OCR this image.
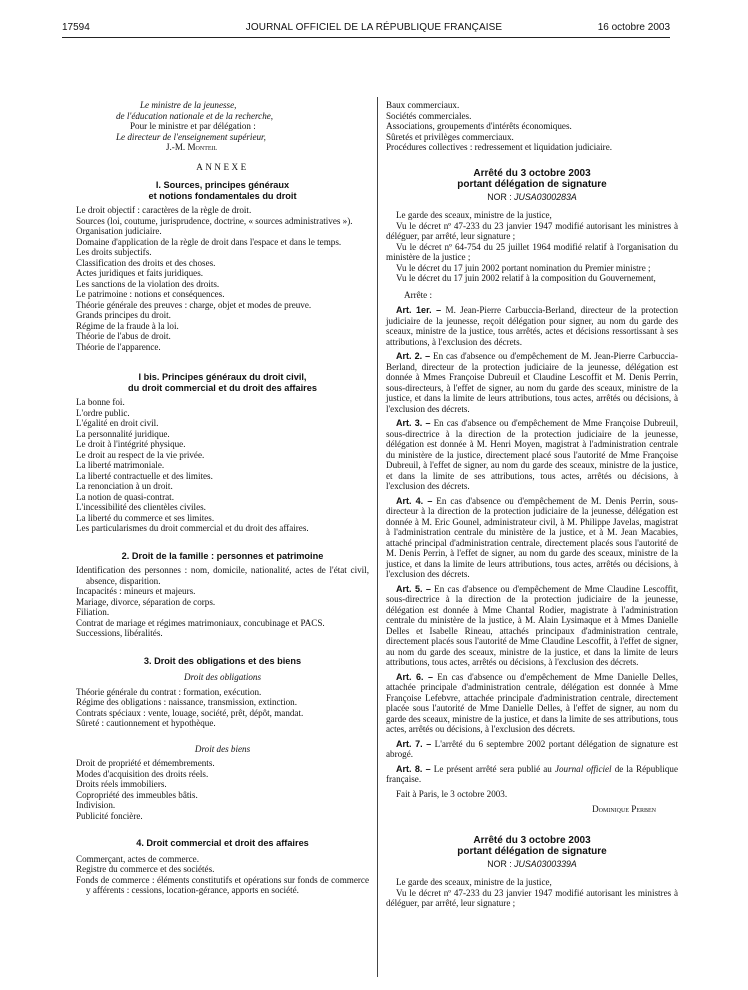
17594	JOURNAL OFFICIEL DE LA RÉPUBLIQUE FRANÇAISE	16 octobre 2003

Le ministre de la jeunesse,

de l'éducation nationale et de la recherche,

Pour le ministre et par délégation :

Le directeur de l'enseignement supérieur,

J.-M. Monteil

ANNEXE

I. Sources, principes généraux

et notions fondamentales du droit

Le droit objectif : caractères de la règle de droit.

Sources (loi, coutume, jurisprudence, doctrine, « sources administratives »).

Organisation judiciaire.

Domaine d'application de la règle de droit dans l'espace et dans le temps.

Les droits subjectifs.

Classification des droits et des choses.

Actes juridiques et faits juridiques.

Les sanctions de la violation des droits.

Le patrimoine : notions et conséquences.

Théorie générale des preuves : charge, objet et modes de preuve.

Grands principes du droit.

Régime de la fraude à la loi.

Théorie de l'abus de droit.

Théorie de l'apparence.

I bis. Principes généraux du droit civil,

du droit commercial et du droit des affaires

La bonne foi.

L'ordre public.

L'égalité en droit civil.

La personnalité juridique.

Le droit à l'intégrité physique.

Le droit au respect de la vie privée.

La liberté matrimoniale.

La liberté contractuelle et des limites.

La renonciation à un droit.

La notion de quasi-contrat.

L'incessibilité des clientèles civiles.

La liberté du commerce et ses limites.

Les particularismes du droit commercial et du droit des affaires.

2. Droit de la famille : personnes et patrimoine

Identification des personnes : nom, domicile, nationalité, actes de l'état civil, absence, disparition.

Incapacités : mineurs et majeurs.

Mariage, divorce, séparation de corps.

Filiation.

Contrat de mariage et régimes matrimoniaux, concubinage et PACS.

Successions, libéralités.

3. Droit des obligations et des biens

Droit des obligations

Théorie générale du contrat : formation, exécution.

Régime des obligations : naissance, transmission, extinction.

Contrats spéciaux : vente, louage, société, prêt, dépôt, mandat.

Sûreté : cautionnement et hypothèque.

Droit des biens

Droit de propriété et démembrements.

Modes d'acquisition des droits réels.

Droits réels immobiliers.

Copropriété des immeubles bâtis.

Indivision.

Publicité foncière.

4. Droit commercial et droit des affaires

Commerçant, actes de commerce.

Registre du commerce et des sociétés.

Fonds de commerce : éléments constitutifs et opérations sur fonds de commerce y afférents : cessions, location-gérance, apports en société.

Baux commerciaux.

Sociétés commerciales.

Associations, groupements d'intérêts économiques.

Sûretés et privilèges commerciaux.

Procédures collectives : redressement et liquidation judiciaire.

Arrêté du 3 octobre 2003

portant délégation de signature

NOR : JUSA0300283A

Le garde des sceaux, ministre de la justice,

Vu le décret nº 47-233 du 23 janvier 1947 modifié autorisant les ministres à déléguer, par arrêté, leur signature ;

Vu le décret nº 64-754 du 25 juillet 1964 modifié relatif à l'organisation du ministère de la justice ;

Vu le décret du 17 juin 2002 portant nomination du Premier ministre ;

Vu le décret du 17 juin 2002 relatif à la composition du Gouvernement,

Arrête :

Art. 1er. – M. Jean-Pierre Carbuccia-Berland, directeur de la protection judiciaire de la jeunesse, reçoit délégation pour signer, au nom du garde des sceaux, ministre de la justice, tous arrêtés, actes et décisions ressortissant à ses attributions, à l'exclusion des décrets.

Art. 2. – En cas d'absence ou d'empêchement de M. Jean-Pierre Carbuccia-Berland, directeur de la protection judiciaire de la jeunesse, délégation est donnée à Mmes Françoise Dubreuil et Claudine Lescoffit et M. Denis Perrin, sous-directeurs, à l'effet de signer, au nom du garde des sceaux, ministre de la justice, et dans la limite de leurs attributions, tous actes, arrêtés ou décisions, à l'exclusion des décrets.

Art. 3. – En cas d'absence ou d'empêchement de Mme Françoise Dubreuil, sous-directrice à la direction de la protection judiciaire de la jeunesse, délégation est donnée à M. Henri Moyen, magistrat à l'administration centrale du ministère de la justice, directement placé sous l'autorité de Mme Françoise Dubreuil, à l'effet de signer, au nom du garde des sceaux, ministre de la justice, et dans la limite de ses attributions, tous actes, arrêtés ou décisions, à l'exclusion des décrets.

Art. 4. – En cas d'absence ou d'empêchement de M. Denis Perrin, sous-directeur à la direction de la protection judiciaire de la jeunesse, délégation est donnée à M. Eric Gounel, administrateur civil, à M. Philippe Javelas, magistrat à l'administration centrale du ministère de la justice, et à M. Jean Macabies, attaché principal d'administration centrale, directement placés sous l'autorité de M. Denis Perrin, à l'effet de signer, au nom du garde des sceaux, ministre de la justice, et dans la limite de leurs attributions, tous actes, arrêtés ou décisions, à l'exclusion des décrets.

Art. 5. – En cas d'absence ou d'empêchement de Mme Claudine Lescoffit, sous-directrice à la direction de la protection judiciaire de la jeunesse, délégation est donnée à Mme Chantal Rodier, magistrate à l'administration centrale du ministère de la justice, à M. Alain Lysimaque et à Mmes Danielle Delles et Isabelle Rineau, attachés principaux d'administration centrale, directement placés sous l'autorité de Mme Claudine Lescoffit, à l'effet de signer, au nom du garde des sceaux, ministre de la justice, et dans la limite de leurs attributions, tous actes, arrêtés ou décisions, à l'exclusion des décrets.

Art. 6. – En cas d'absence ou d'empêchement de Mme Danielle Delles, attachée principale d'administration centrale, délégation est donnée à Mme Françoise Lefebvre, attachée principale d'administration centrale, directement placée sous l'autorité de Mme Danielle Delles, à l'effet de signer, au nom du garde des sceaux, ministre de la justice, et dans la limite de ses attributions, tous actes, arrêtés ou décisions, à l'exclusion des décrets.

Art. 7. – L'arrêté du 6 septembre 2002 portant délégation de signature est abrogé.

Art. 8. – Le présent arrêté sera publié au Journal officiel de la République française.

Fait à Paris, le 3 octobre 2003.

Dominique Perben

Arrêté du 3 octobre 2003

portant délégation de signature

NOR : JUSA0300339A

Le garde des sceaux, ministre de la justice,

Vu le décret nº 47-233 du 23 janvier 1947 modifié autorisant les ministres à déléguer, par arrêté, leur signature ;
